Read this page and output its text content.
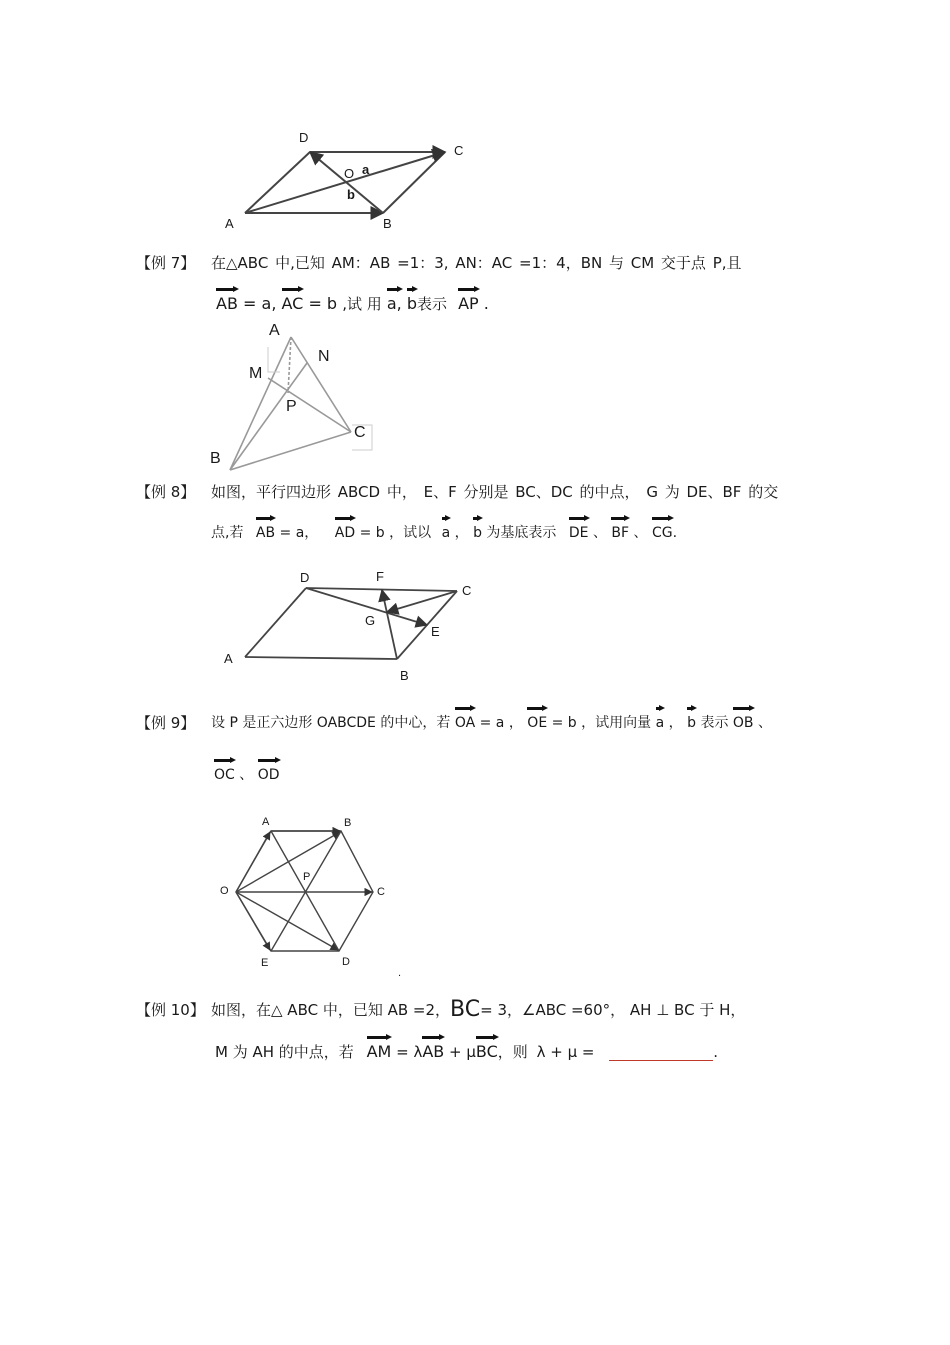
D
C
A	B
O a
b
【例 7】 在△ABC 中,已知 AM：AB =1：3, AN：AC =1：4，BN 与 CM 交于点 P,且
AB = a, AC = b ,试 用 a, b表示 AP .
A
N
M
P
C
B
【例 8】 如图，平行四边形 ABCD 中， E、F 分别是 BC、DC 的中点， G 为 DE、BF 的交
点,若 AB = a， AD = b ，试以 a ， b 为基底表示 DE 、 BF 、 CG.
D	F
C
G
E
A
B
【例 9】 设 P 是正六边形 OABCDE 的中心，若 OA = a ， OE = b ，试用向量 a ， b 表示 OB 、
OC 、 OD
A	B
O
P
C
E	D
.
【例 10】 如图，在△ ABC 中，已知 AB =2，BC= 3，∠ABC =60°， AH ⊥ BC 于 H，
M 为 AH 的中点，若 AM = λAB + μBC，则 λ + μ =	.
